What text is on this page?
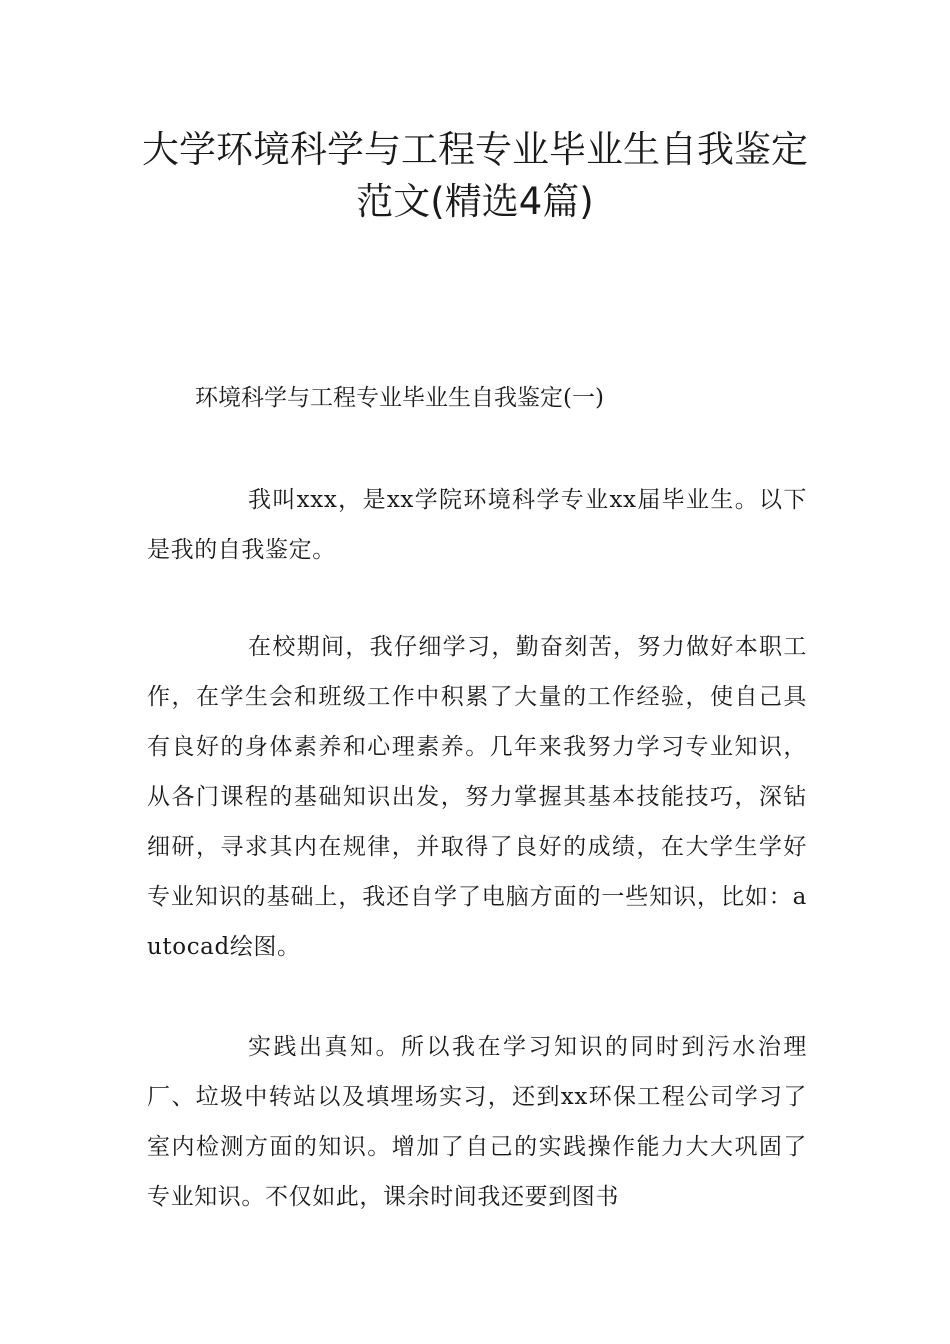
大学环境科学与工程专业毕业生自我鉴定
范文(精选4篇)
环境科学与工程专业毕业生自我鉴定(一)

我叫xxx，是xx学院环境科学专业xx届毕业生。以下是我的自我鉴定。

在校期间，我仔细学习，勤奋刻苦，努力做好本职工作，在学生会和班级工作中积累了大量的工作经验，使自己具有良好的身体素养和心理素养。几年来我努力学习专业知识，从各门课程的基础知识出发，努力掌握其基本技能技巧，深钻细研，寻求其内在规律，并取得了良好的成绩，在大学生学好专业知识的基础上，我还自学了电脑方面的一些知识，比如：autocad绘图。

实践出真知。所以我在学习知识的同时到污水治理厂、垃圾中转站以及填埋场实习，还到xx环保工程公司学习了室内检测方面的知识。增加了自己的实践操作能力大大巩固了专业知识。不仅如此，课余时间我还要到图书
